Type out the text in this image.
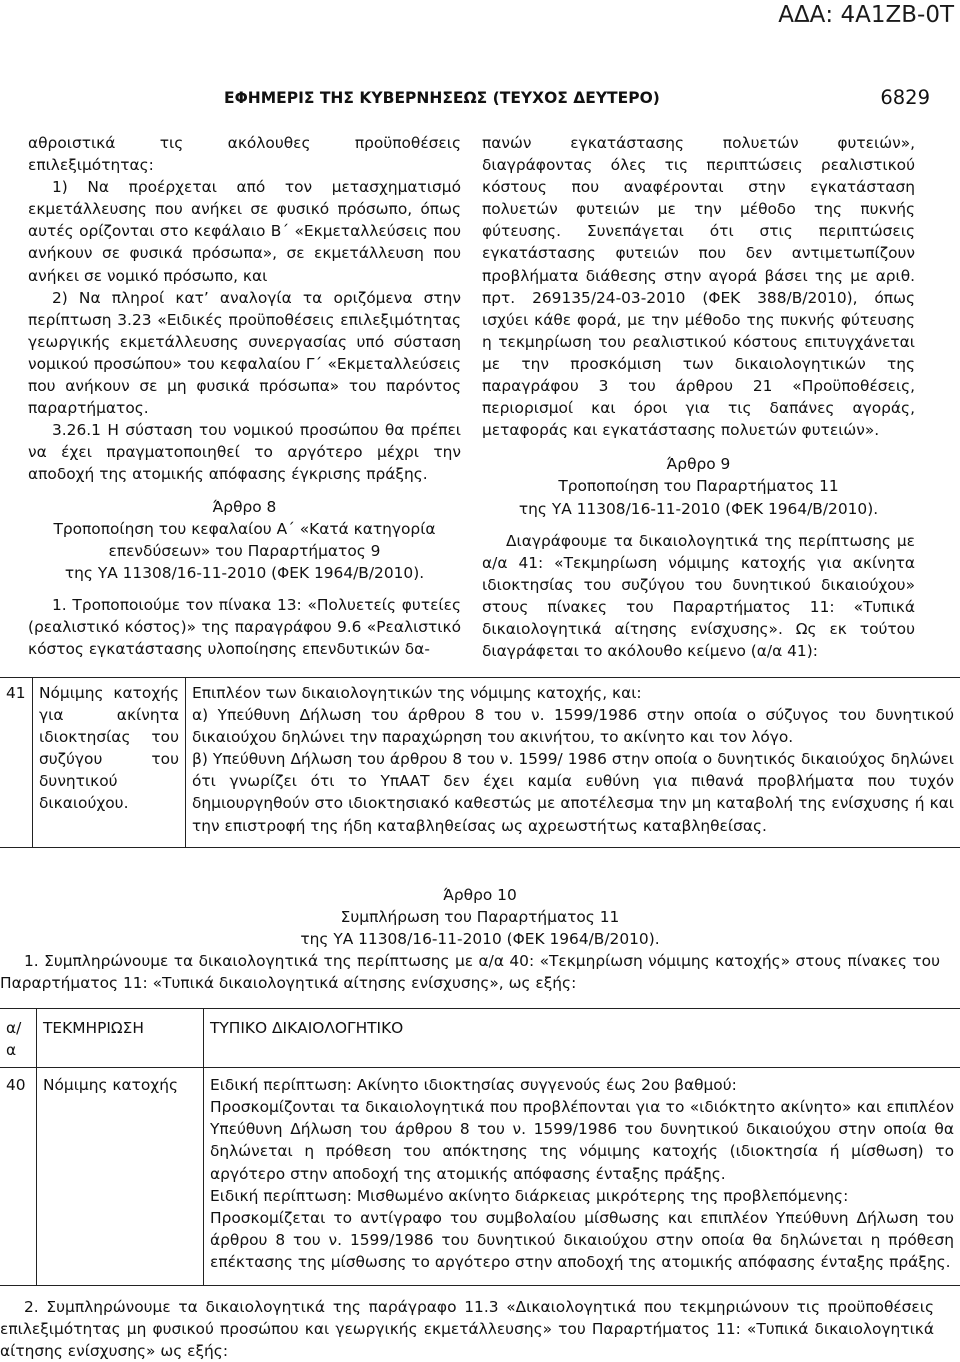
ΑΔΑ: 4Α1ΖΒ-0Τ
ΕΦΗΜΕΡΙΣ ΤΗΣ ΚΥΒΕΡΝΗΣΕΩΣ (ΤΕΥΧΟΣ ΔΕΥΤΕΡΟ)	6829

αθροιστικά τις ακόλουθες προϋποθέσεις επιλεξιμότητας:

1) Να προέρχεται από τον μετασχηματισμό εκμετάλλευσης που ανήκει σε φυσικό πρόσωπο, όπως αυτές ορίζονται στο κεφάλαιο Β΄ «Εκμεταλλεύσεις που ανήκουν σε φυσικά πρόσωπα», σε εκμετάλλευση που ανήκει σε νομικό πρόσωπο, και

2) Να πληροί κατ’ αναλογία τα οριζόμενα στην περίπτωση 3.23 «Ειδικές προϋποθέσεις επιλεξιμότητας γεωργικής εκμετάλλευσης συνεργασίας υπό σύσταση νομικού προσώπου» του κεφαλαίου Γ΄ «Εκμεταλλεύσεις που ανήκουν σε μη φυσικά πρόσωπα» του παρόντος παραρτήματος.

3.26.1 Η σύσταση του νομικού προσώπου θα πρέπει να έχει πραγματοποιηθεί το αργότερο μέχρι την αποδοχή της ατομικής απόφασης έγκρισης πράξης.

Άρθρο 8

Τροποποίηση του κεφαλαίου Α΄ «Κατά κατηγορία

επενδύσεων» του Παραρτήματος 9

της ΥΑ 11308/16-11-2010 (ΦΕΚ 1964/Β/2010).

1. Τροποποιούμε τον πίνακα 13: «Πολυετείς φυτείες (ρεαλιστικό κόστος)» της παραγράφου 9.6 «Ρεαλιστικό κόστος εγκατάστασης υλοποίησης επενδυτικών δα-

πανών εγκατάστασης πολυετών φυτειών», διαγράφοντας όλες τις περιπτώσεις ρεαλιστικού κόστους που αναφέρονται στην εγκατάσταση πολυετών φυτειών με την μέθοδο της πυκνής φύτευσης. Συνεπάγεται ότι στις περιπτώσεις εγκατάστασης φυτειών που δεν αντιμετωπίζουν προβλήματα διάθεσης στην αγορά βάσει της με αριθ. πρτ. 269135/24-03-2010 (ΦΕΚ 388/Β/2010), όπως ισχύει κάθε φορά, με την μέθοδο της πυκνής φύτευσης η τεκμηρίωση του ρεαλιστικού κόστους επιτυγχάνεται με την προσκόμιση των δικαιολογητικών της παραγράφου 3 του άρθρου 21 «Προϋποθέσεις, περιορισμοί και όροι για τις δαπάνες αγοράς, μεταφοράς και εγκατάστασης πολυετών φυτειών».

Άρθρο 9

Τροποποίηση του Παραρτήματος 11

της ΥΑ 11308/16-11-2010 (ΦΕΚ 1964/Β/2010).

Διαγράφουμε τα δικαιολογητικά της περίπτωσης με α/α 41: «Τεκμηρίωση νόμιμης κατοχής για ακίνητα ιδιοκτησίας του συζύγου του δυνητικού δικαιούχου» στους πίνακες του Παραρτήματος 11: «Τυπικά δικαιολογητικά αίτησης ενίσχυσης». Ως εκ τούτου διαγράφεται το ακόλουθο κείμενο (α/α 41):

41	Νόμιμης κατοχής για ακίνητα ιδιοκτησίας του συζύγου του δυνητικού δικαιούχου.	
Επιπλέον των δικαιολογητικών της νόμιμης κατοχής, και:
α) Υπεύθυνη Δήλωση του άρθρου 8 του ν. 1599/1986 στην οποία ο σύζυγος του δυνητικού δικαιούχου δηλώνει την παραχώρηση του ακινήτου, το ακίνητο και τον λόγο.
β) Υπεύθυνη Δήλωση του άρθρου 8 του ν. 1599/ 1986 στην οποία ο δυνητικός δικαιούχος δηλώνει ότι γνωρίζει ότι το ΥπΑΑΤ δεν έχει καμία ευθύνη για πιθανά προβλήματα που τυχόν δημιουργηθούν στο ιδιοκτησιακό καθεστώς με αποτέλεσμα την μη καταβολή της ενίσχυσης ή και την επιστροφή της ήδη καταβληθείσας ως αχρεωστήτως καταβληθείσας.
Άρθρο 10
Συμπλήρωση του Παραρτήματος 11
της ΥΑ 11308/16-11-2010 (ΦΕΚ 1964/Β/2010).
1. Συμπληρώνουμε τα δικαιολογητικά της περίπτωσης με α/α 40: «Τεκμηρίωση νόμιμης κατοχής» στους πίνακες του Παραρτήματος 11: «Τυπικά δικαιολογητικά αίτησης ενίσχυσης», ως εξής:
α/α	ΤΕΚΜΗΡΙΩΣΗ	ΤΥΠΙΚΟ ΔΙΚΑΙΟΛΟΓΗΤΙΚΟ
40	Νόμιμης κατοχής	Ειδική περίπτωση: Ακίνητο ιδιοκτησίας συγγενούς έως 2ου βαθμού:
Προσκομίζονται τα δικαιολογητικά που προβλέπονται για το «ιδιόκτητο ακίνητο» και επιπλέον Υπεύθυνη Δήλωση του άρθρου 8 του ν. 1599/1986 του δυνητικού δικαιούχου στην οποία θα δηλώνεται η πρόθεση του απόκτησης της νόμιμης κατοχής (ιδιοκτησία ή μίσθωση) το αργότερο στην αποδοχή της ατομικής απόφασης ένταξης πράξης.
Ειδική περίπτωση: Μισθωμένο ακίνητο διάρκειας μικρότερης της προβλεπόμενης:
Προσκομίζεται το αντίγραφο του συμβολαίου μίσθωσης και επιπλέον Υπεύθυνη Δήλωση του άρθρου 8 του ν. 1599/1986 του δυνητικού δικαιούχου στην οποία θα δηλώνεται η πρόθεση επέκτασης της μίσθωσης το αργότερο στην αποδοχή της ατομικής απόφασης ένταξης πράξης.
2. Συμπληρώνουμε τα δικαιολογητικά της παράγραφο 11.3 «Δικαιολογητικά που τεκμηριώνουν τις προϋποθέσεις επιλεξιμότητας μη φυσικού προσώπου και γεωργικής εκμετάλλευσης» του Παραρτήματος 11: «Τυπικά δικαιολογητικά αίτησης ενίσχυσης» ως εξής:
